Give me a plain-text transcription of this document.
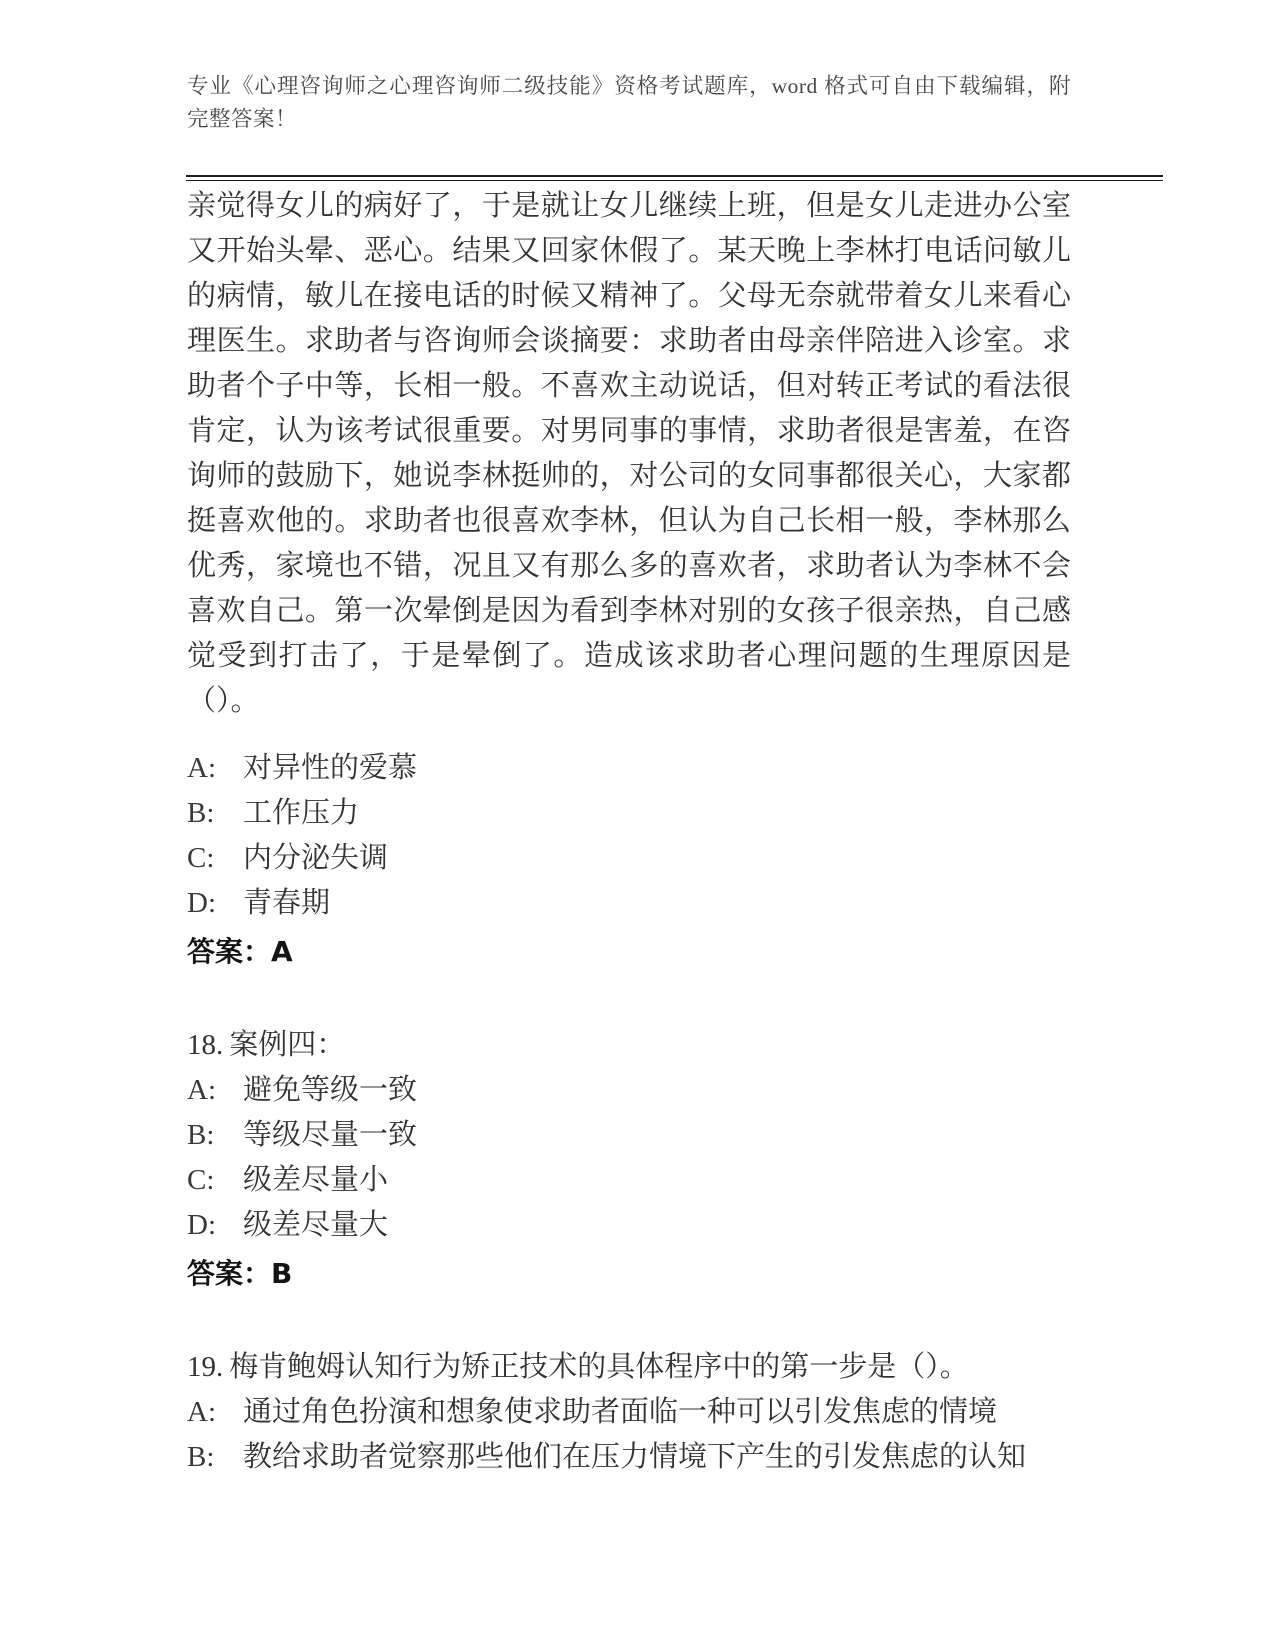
专业《心理咨询师之心理咨询师二级技能》资格考试题库，word 格式可自由下载编辑，附完整答案！
亲觉得女儿的病好了，于是就让女儿继续上班，但是女儿走进办公室又开始头晕、恶心。结果又回家休假了。某天晚上李林打电话问敏儿的病情，敏儿在接电话的时候又精神了。父母无奈就带着女儿来看心理医生。求助者与咨询师会谈摘要：求助者由母亲伴陪进入诊室。求助者个子中等，长相一般。不喜欢主动说话，但对转正考试的看法很肯定，认为该考试很重要。对男同事的事情，求助者很是害羞，在咨询师的鼓励下，她说李林挺帅的，对公司的女同事都很关心，大家都挺喜欢他的。求助者也很喜欢李林，但认为自己长相一般，李林那么优秀，家境也不错，况且又有那么多的喜欢者，求助者认为李林不会喜欢自己。第一次晕倒是因为看到李林对别的女孩子很亲热，自己感觉受到打击了，于是晕倒了。造成该求助者心理问题的生理原因是（）。
A: 对异性的爱慕
B: 工作压力
C: 内分泌失调
D: 青春期
答案：A
18. 案例四：
A: 避免等级一致
B: 等级尽量一致
C: 级差尽量小
D: 级差尽量大
答案：B
19. 梅肯鲍姆认知行为矫正技术的具体程序中的第一步是（）。
A: 通过角色扮演和想象使求助者面临一种可以引发焦虑的情境
B: 教给求助者觉察那些他们在压力情境下产生的引发焦虑的认知
